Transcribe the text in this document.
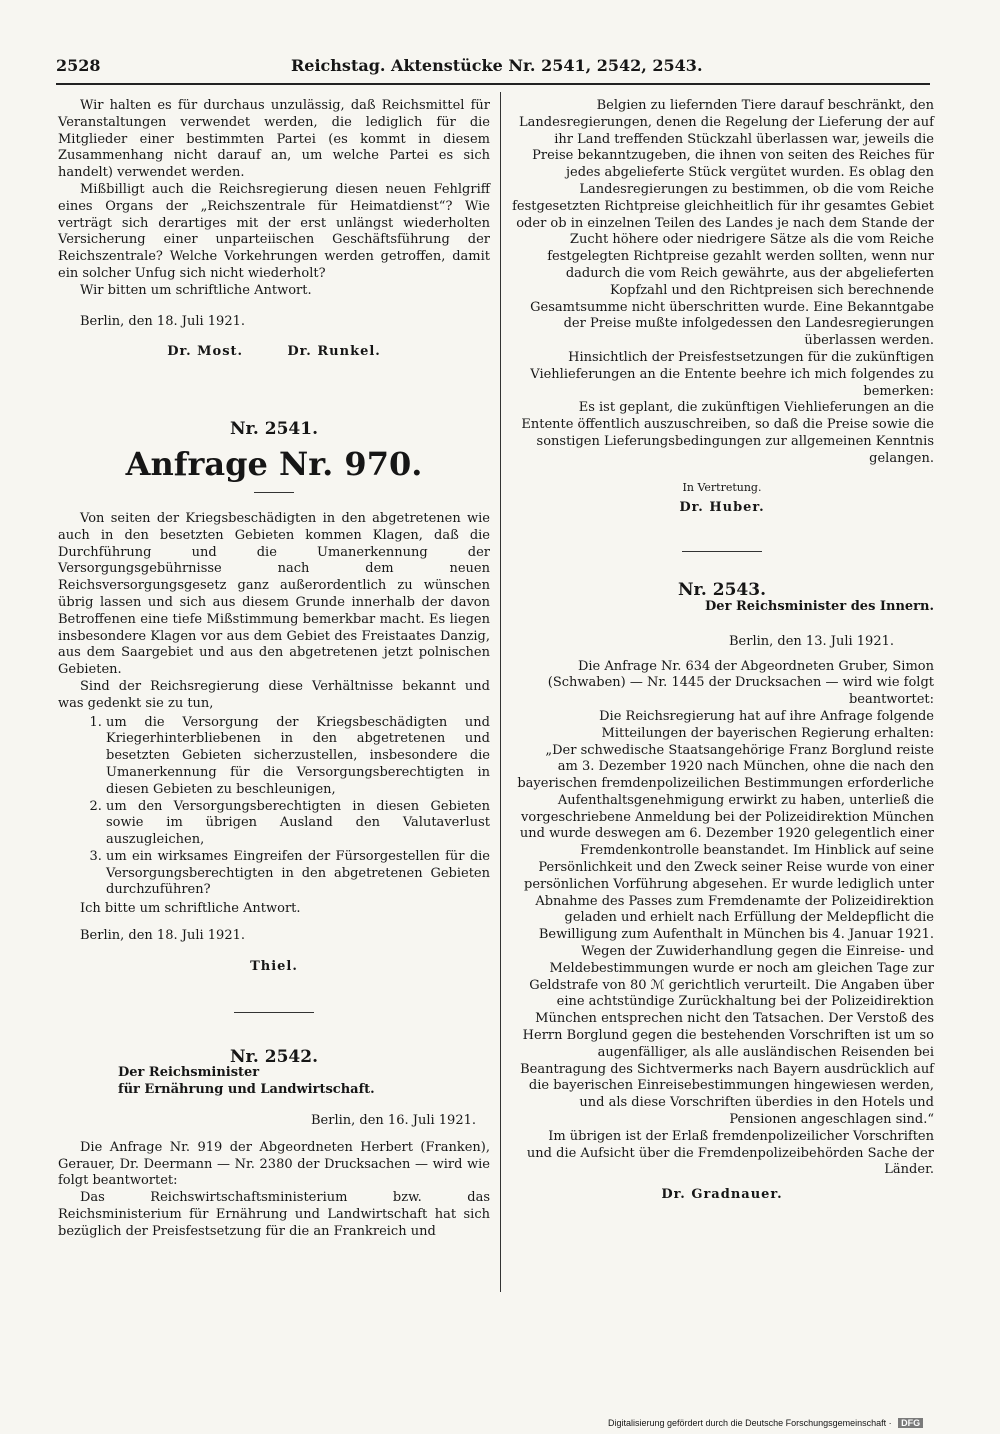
2528	Reichstag. Aktenstücke Nr. 2541, 2542, 2543.

Wir halten es für durchaus unzulässig, daß Reichsmittel für Veranstaltungen verwendet werden, die lediglich für die Mitglieder einer bestimmten Partei (es kommt in diesem Zusammenhang nicht darauf an, um welche Partei es sich handelt) verwendet werden.

Mißbilligt auch die Reichsregierung diesen neuen Fehlgriff eines Organs der „Reichszentrale für Heimatdienst“? Wie verträgt sich derartiges mit der erst unlängst wiederholten Versicherung einer unparteiischen Geschäftsführung der Reichszentrale? Welche Vorkehrungen werden getroffen, damit ein solcher Unfug sich nicht wiederholt?

Wir bitten um schriftliche Antwort.

Berlin, den 18. Juli 1921.

Dr. Most.	Dr. Runkel.
Nr. 2541.
Anfrage Nr. 970.

Von seiten der Kriegsbeschädigten in den abgetretenen wie auch in den besetzten Gebieten kommen Klagen, daß die Durchführung und die Umanerkennung der Versorgungsgebührnisse nach dem neuen Reichsversorgungsgesetz ganz außerordentlich zu wünschen übrig lassen und sich aus diesem Grunde innerhalb der davon Betroffenen eine tiefe Mißstimmung bemerkbar macht. Es liegen insbesondere Klagen vor aus dem Gebiet des Freistaates Danzig, aus dem Saargebiet und aus den abgetretenen jetzt polnischen Gebieten.

Sind der Reichsregierung diese Verhältnisse bekannt und was gedenkt sie zu tun,

1. um die Versorgung der Kriegsbeschädigten und Kriegerhinterbliebenen in den abgetretenen und besetzten Gebieten sicherzustellen, insbesondere die Umanerkennung für die Versorgungsberechtigten in diesen Gebieten zu beschleunigen,
2. um den Versorgungsberechtigten in diesen Gebieten sowie im übrigen Ausland den Valutaverlust auszugleichen,
3. um ein wirksames Eingreifen der Fürsorgestellen für die Versorgungsberechtigten in den abgetretenen Gebieten durchzuführen?

Ich bitte um schriftliche Antwort.

Berlin, den 18. Juli 1921.

Thiel.
Nr. 2542.

Der Reichsminister

für Ernährung und Landwirtschaft.

Berlin, den 16. Juli 1921.

Die Anfrage Nr. 919 der Abgeordneten Herbert (Franken), Gerauer, Dr. Deermann — Nr. 2380 der Drucksachen — wird wie folgt beantwortet:

Das Reichswirtschaftsministerium bzw. das Reichsministerium für Ernährung und Landwirtschaft hat sich bezüglich der Preisfestsetzung für die an Frankreich und

Belgien zu liefernden Tiere darauf beschränkt, den Landesregierungen, denen die Regelung der Lieferung der auf ihr Land treffenden Stückzahl überlassen war, jeweils die Preise bekanntzugeben, die ihnen von seiten des Reiches für jedes abgelieferte Stück vergütet wurden. Es oblag den Landesregierungen zu bestimmen, ob die vom Reiche festgesetzten Richtpreise gleichheitlich für ihr gesamtes Gebiet oder ob in einzelnen Teilen des Landes je nach dem Stande der Zucht höhere oder niedrigere Sätze als die vom Reiche festgelegten Richtpreise gezahlt werden sollten, wenn nur dadurch die vom Reich gewährte, aus der abgelieferten Kopfzahl und den Richtpreisen sich berechnende Gesamtsumme nicht überschritten wurde. Eine Bekanntgabe der Preise mußte infolgedessen den Landesregierungen überlassen werden.

Hinsichtlich der Preisfestsetzungen für die zukünftigen Viehlieferungen an die Entente beehre ich mich folgendes zu bemerken:

Es ist geplant, die zukünftigen Viehlieferungen an die Entente öffentlich auszuschreiben, so daß die Preise sowie die sonstigen Lieferungsbedingungen zur allgemeinen Kenntnis gelangen.

In Vertretung.

Dr. Huber.
Nr. 2543.

Der Reichsminister des Innern.

Berlin, den 13. Juli 1921.

Die Anfrage Nr. 634 der Abgeordneten Gruber, Simon (Schwaben) — Nr. 1445 der Drucksachen — wird wie folgt beantwortet:

Die Reichsregierung hat auf ihre Anfrage folgende Mitteilungen der bayerischen Regierung erhalten:

„Der schwedische Staatsangehörige Franz Borglund reiste am 3. Dezember 1920 nach München, ohne die nach den bayerischen fremdenpolizeilichen Bestimmungen erforderliche Aufenthaltsgenehmigung erwirkt zu haben, unterließ die vorgeschriebene Anmeldung bei der Polizeidirektion München und wurde deswegen am 6. Dezember 1920 gelegentlich einer Fremdenkontrolle beanstandet. Im Hinblick auf seine Persönlichkeit und den Zweck seiner Reise wurde von einer persönlichen Vorführung abgesehen. Er wurde lediglich unter Abnahme des Passes zum Fremdenamte der Polizeidirektion geladen und erhielt nach Erfüllung der Meldepflicht die Bewilligung zum Aufenthalt in München bis 4. Januar 1921. Wegen der Zuwiderhandlung gegen die Einreise- und Meldebestimmungen wurde er noch am gleichen Tage zur Geldstrafe von 80 ℳ gerichtlich verurteilt. Die Angaben über eine achtstündige Zurückhaltung bei der Polizeidirektion München entsprechen nicht den Tatsachen. Der Verstoß des Herrn Borglund gegen die bestehenden Vorschriften ist um so augenfälliger, als alle ausländischen Reisenden bei Beantragung des Sichtvermerks nach Bayern ausdrücklich auf die bayerischen Einreisebestimmungen hingewiesen werden, und als diese Vorschriften überdies in den Hotels und Pensionen angeschlagen sind.“

Im übrigen ist der Erlaß fremdenpolizeilicher Vorschriften und die Aufsicht über die Fremdenpolizeibehörden Sache der Länder.

Dr. Gradnauer.
Digitalisierung gefördert durch die Deutsche Forschungsgemeinschaft · DFG
